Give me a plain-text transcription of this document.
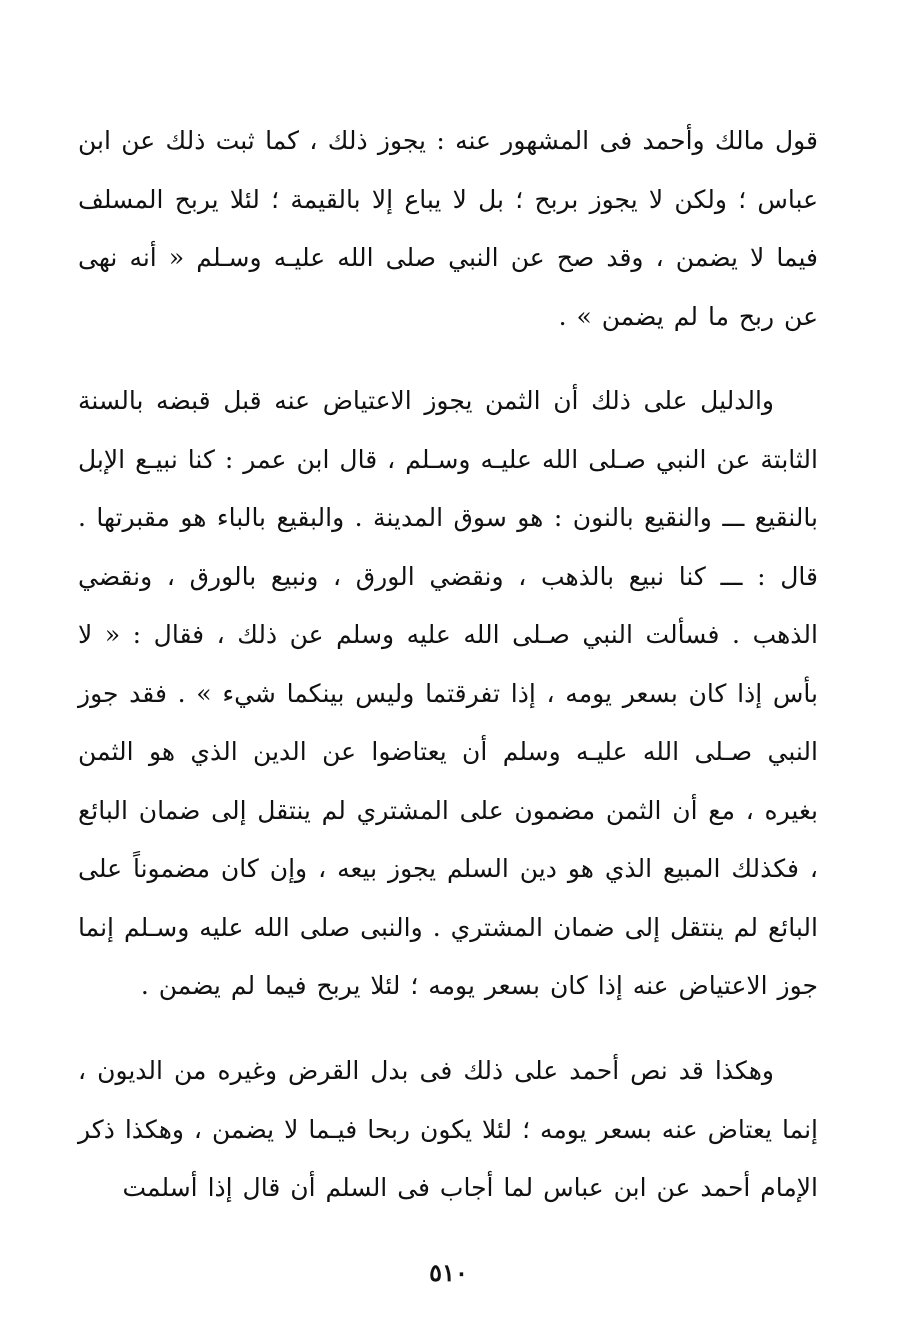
قول مالك وأحمد فى المشهور عنه : يجوز ذلك ، كما ثبت ذلك عن ابن عباس ؛ ولكن لا يجوز بربح ؛ بل لا يباع إلا بالقيمة ؛ لئلا يربح المسلف فيما لا يضمن ، وقد صح عن النبي صلى الله عليـه وسـلم « أنه نهى عن ربح ما لم يضمن » .

والدليل على ذلك أن الثمن يجوز الاعتياض عنه قبل قبضه بالسنة الثابتة عن النبي صـلى الله عليـه وسـلم ، قال ابن عمر : كنا نبيـع الإبل بالنقيع ـــ والنقيع بالنون : هو سوق المدينة . والبقيع بالباء هو مقبرتها . قال : ـــ كنا نبيع بالذهب ، ونقضي الورق ، ونبيع بالورق ، ونقضي الذهب . فسألت النبي صـلى الله عليه وسلم عن ذلك ، فقال : « لا بأس إذا كان بسعر يومه ، إذا تفرقتما وليس بينكما شيء » . فقد جوز النبي صـلى الله عليـه وسلم أن يعتاضوا عن الدين الذي هو الثمن بغيره ، مع أن الثمن مضمون على المشتري لم ينتقل إلى ضمان البائع ، فكذلك المبيع الذي هو دين السلم يجوز بيعه ، وإن كان مضموناً على البائع لم ينتقل إلى ضمان المشتري . والنبى صلى الله عليه وسـلم إنما جوز الاعتياض عنه إذا كان بسعر يومه ؛ لئلا يربح فيما لم يضمن .

وهكذا قد نص أحمد على ذلك فى بدل القرض وغيره من الديون ، إنما يعتاض عنه بسعر يومه ؛ لئلا يكون ربحا فيـما لا يضمن ، وهكذا ذكر الإمام أحمد عن ابن عباس لما أجاب فى السلم أن قال إذا أسلمت

٥١٠
